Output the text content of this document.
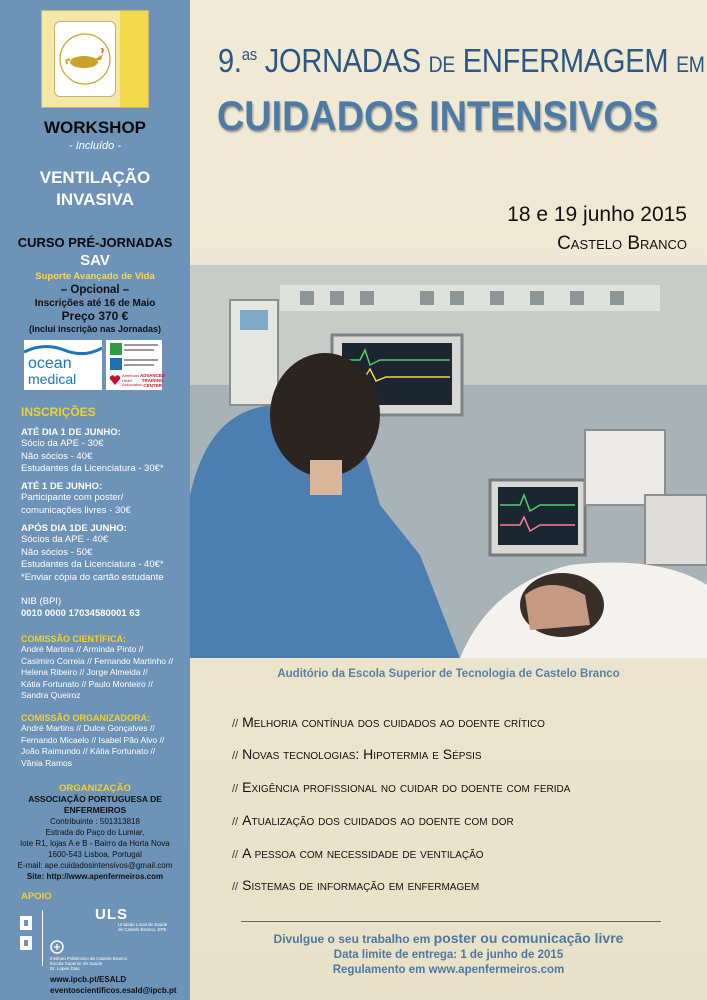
WORKSHOP
- Incluído -
VENTILAÇÃO
INVASIVA
CURSO PRÉ-JORNADAS
SAV
Suporte Avançado de Vida
– Opcional –
Inscrições até 16 de Maio
Preço 370 €
(Inclui inscrição nas Jornadas)
ocean
medical	American
Heart
Association
ADVANCED
TRAINING
CENTER
INSCRIÇÕES
ATÉ DIA 1 DE JUNHO:
Sócio da APE - 30€
Não sócios - 40€
Estudantes da Licenciatura - 30€*
ATÉ 1 DE JUNHO:
Participante com poster/
comunicações livres - 30€
APÓS DIA 1DE JUNHO:
Sócios da APE - 40€
Não sócios - 50€
Estudantes da Licenciatura - 40€*
*Enviar cópia do cartão estudante
NIB (BPI)
0010 0000 17034580001 63
COMISSÃO CIENTÍFICA:
André Martins // Arminda Pinto //
Casimiro Correia // Fernando Martinho //
Helena Ribeiro // Jorge Almeida //
Kátia Fortunato // Paulo Monteiro //
Sandra Queiroz
COMISSÃO ORGANIZADORA:
André Martins // Dulce Gonçalves //
Fernando Micaelo // Isabel Pão Alvo //
João Raimundo // Kátia Fortunato //
Vânia Ramos
ORGANIZAÇÃO
ASSOCIAÇÃO PORTUGUESA DE
ENFERMEIROS
Contribuinte : 501313818
Estrada do Paço do Lumiar,
lote R1, lojas A e B - Bairro da Horta Nova
1600-543 Lisboa, Portugal
E-mail: ape.cuidadosintensivos@gmail.com
Site: http://www.apenfermeiros.com
APOIO
ULS
Unidade Local de Saúde
de Castelo Branco, EPE
Instituto Politécnico de Castelo Branco
Escola Superior de Saúde
Dr. Lopes Dias
www.ipcb.pt/ESALD
eventoscientificos.esald@ipcb.pt
9.$^{as}$ JORNADAS DE ENFERMAGEM EM
CUIDADOS INTENSIVOS
18 e 19 junho 2015
Castelo Branco
Auditório da Escola Superior de Tecnologia de Castelo Branco
// Melhoria contínua dos cuidados ao doente crítico
// Novas tecnologias: Hipotermia e Sépsis
// Exigência profissional no cuidar do doente com ferida
// Atualização dos cuidados ao doente com dor
// A pessoa com necessidade de ventilação
// Sistemas de informação em enfermagem
Divulgue o seu trabalho em poster ou comunicação livre
Data limite de entrega: 1 de junho de 2015
Regulamento em www.apenfermeiros.com
